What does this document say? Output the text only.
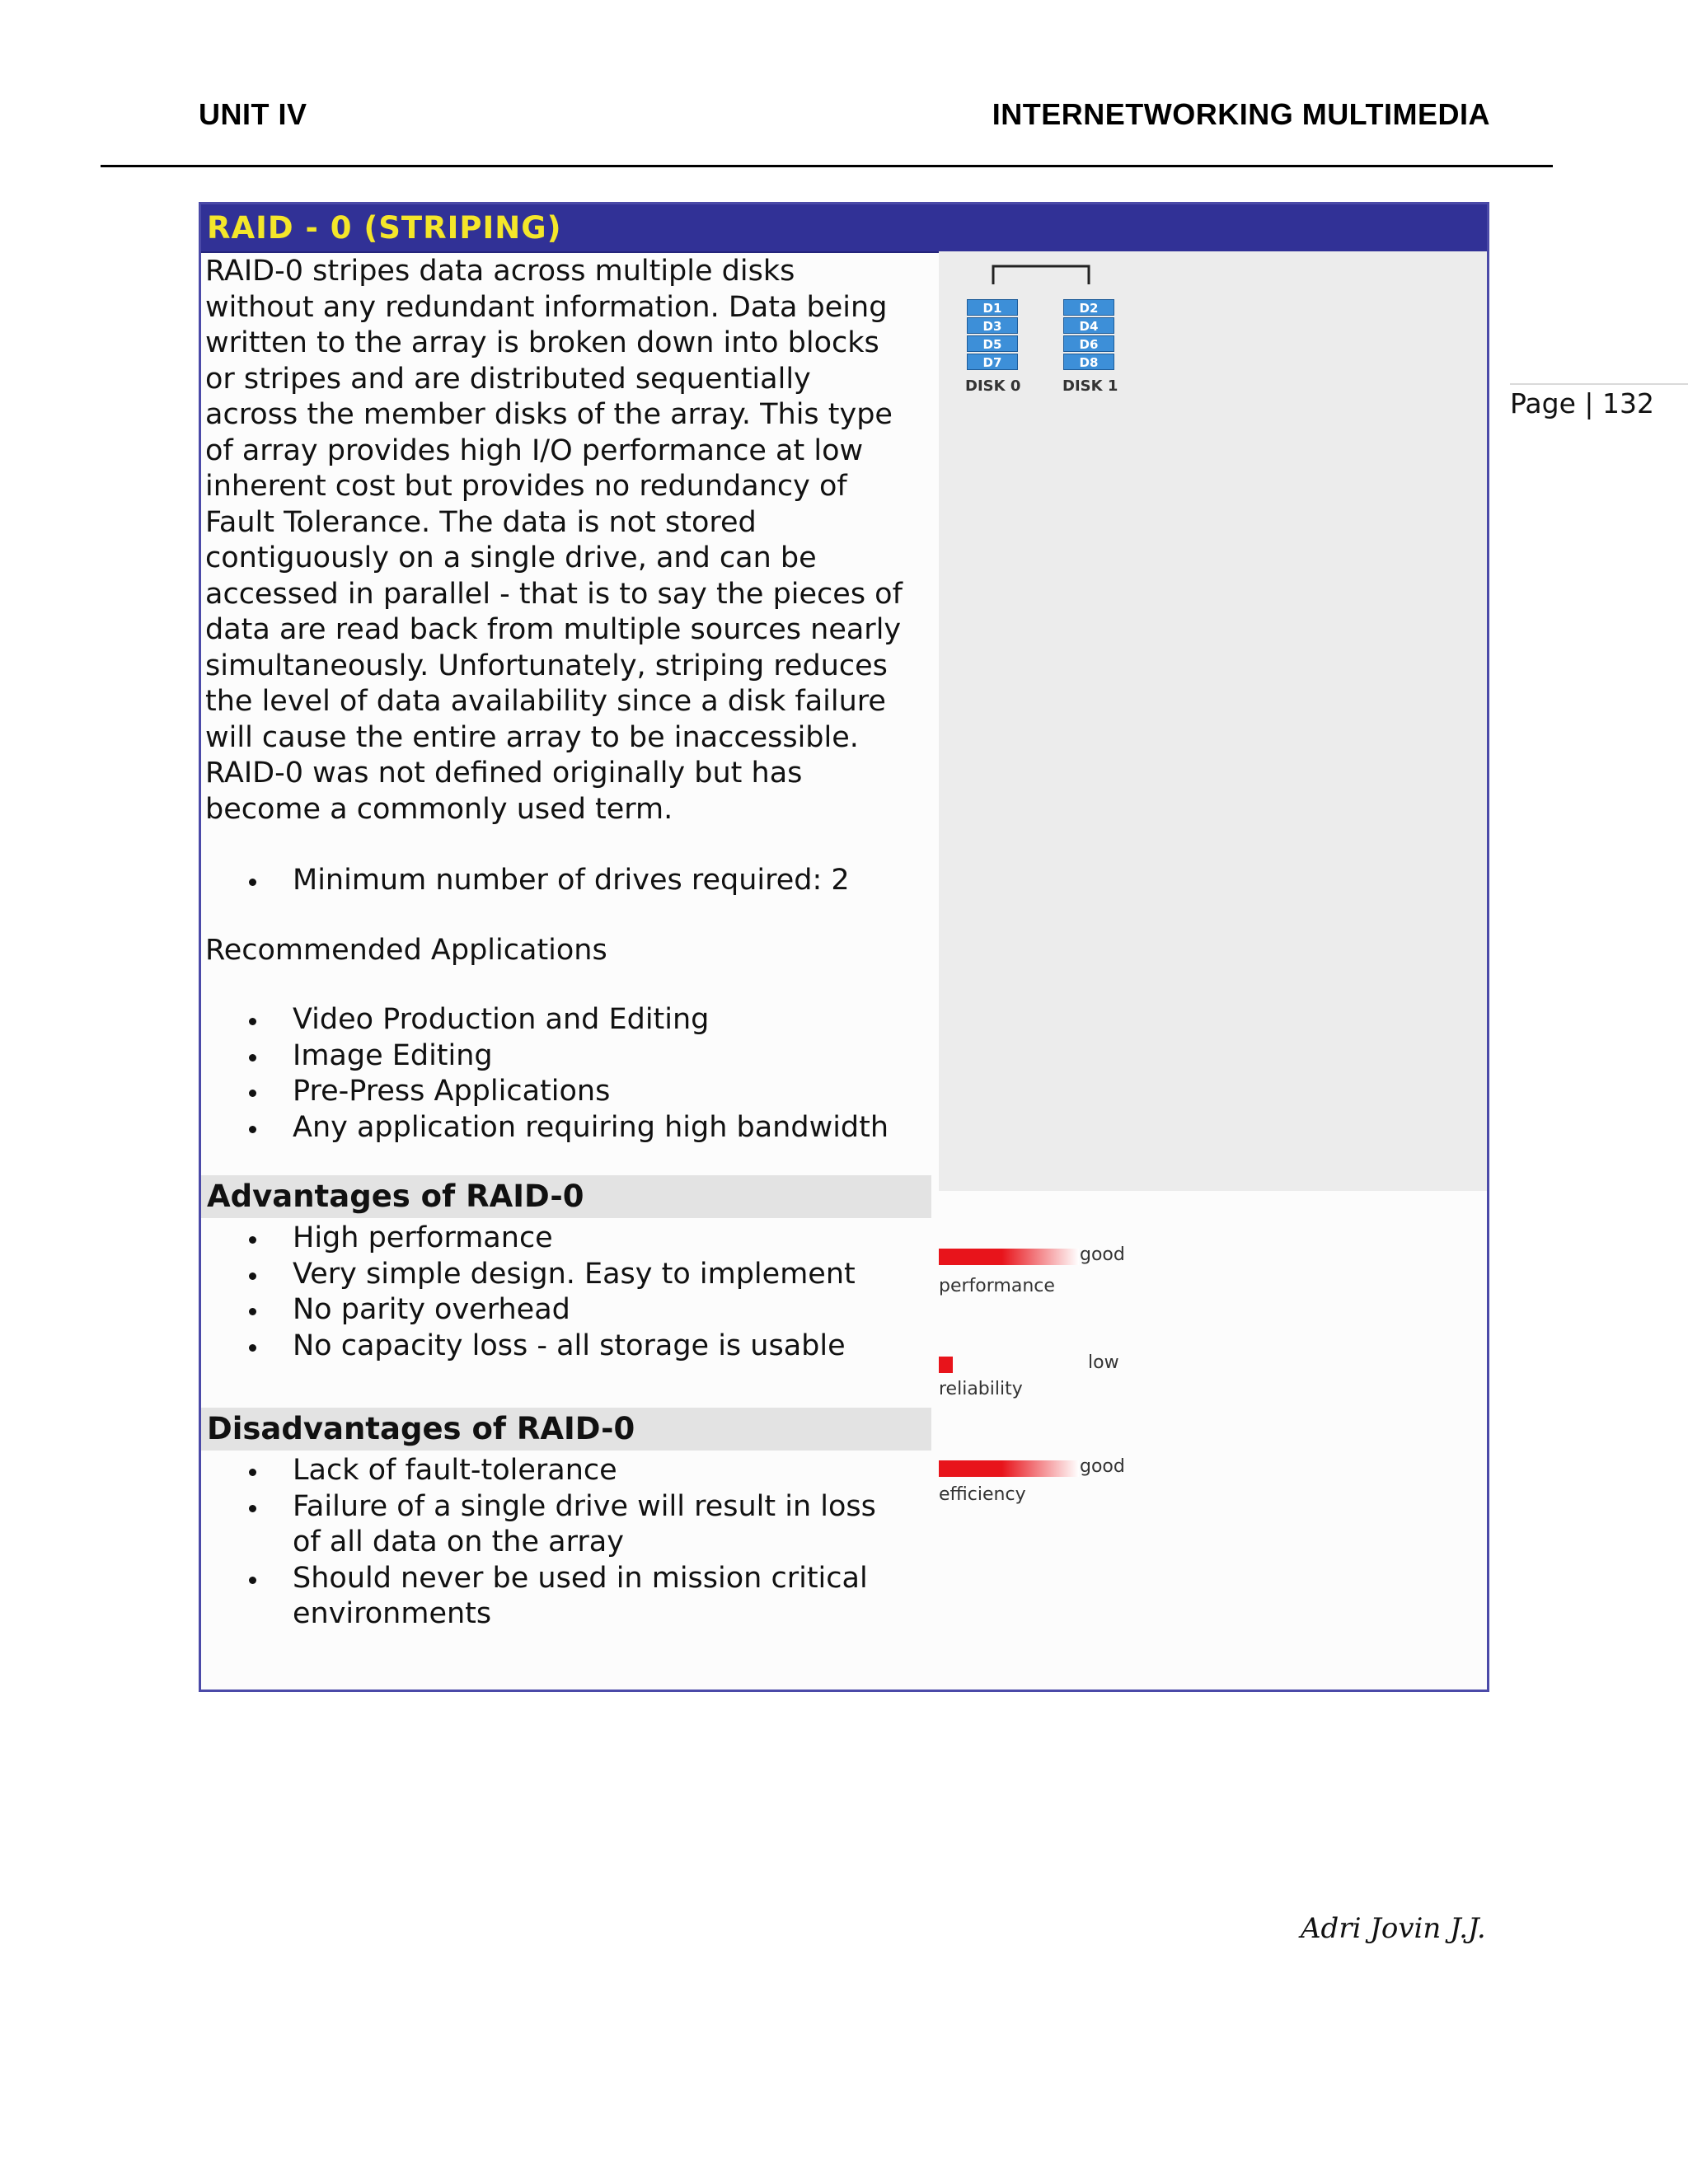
UNIT IV	INTERNETWORKING MULTIMEDIA
Page | 132
RAID - 0 (STRIPING)
D1
D3
D5
D7
DISK 0
D2
D4
D6
D8
DISK 1

RAID-0 stripes data across multiple disks

without any redundant information. Data being

written to the array is broken down into blocks

or stripes and are distributed sequentially

across the member disks of the array. This type

of array provides high I/O performance at low

inherent cost but provides no redundancy of

Fault Tolerance. The data is not stored

contiguously on a single drive, and can be

accessed in parallel - that is to say the pieces of

data are read back from multiple sources nearly

simultaneously. Unfortunately, striping reduces

the level of data availability since a disk failure

will cause the entire array to be inaccessible.

RAID-0 was not defined originally but has

become a commonly used term.

Minimum number of drives required: 2

Recommended Applications

Video Production and Editing
Image Editing
Pre-Press Applications
Any application requiring high bandwidth
Advantages of RAID-0
High performance
Very simple design. Easy to implement
No parity overhead
No capacity loss - all storage is usable
Disadvantages of RAID-0
Lack of fault-tolerance
Failure of a single drive will result in loss
of all data on the array
Should never be used in mission critical
environments
good
performance
low
reliability
good
efficiency
Adri Jovin J.J.
